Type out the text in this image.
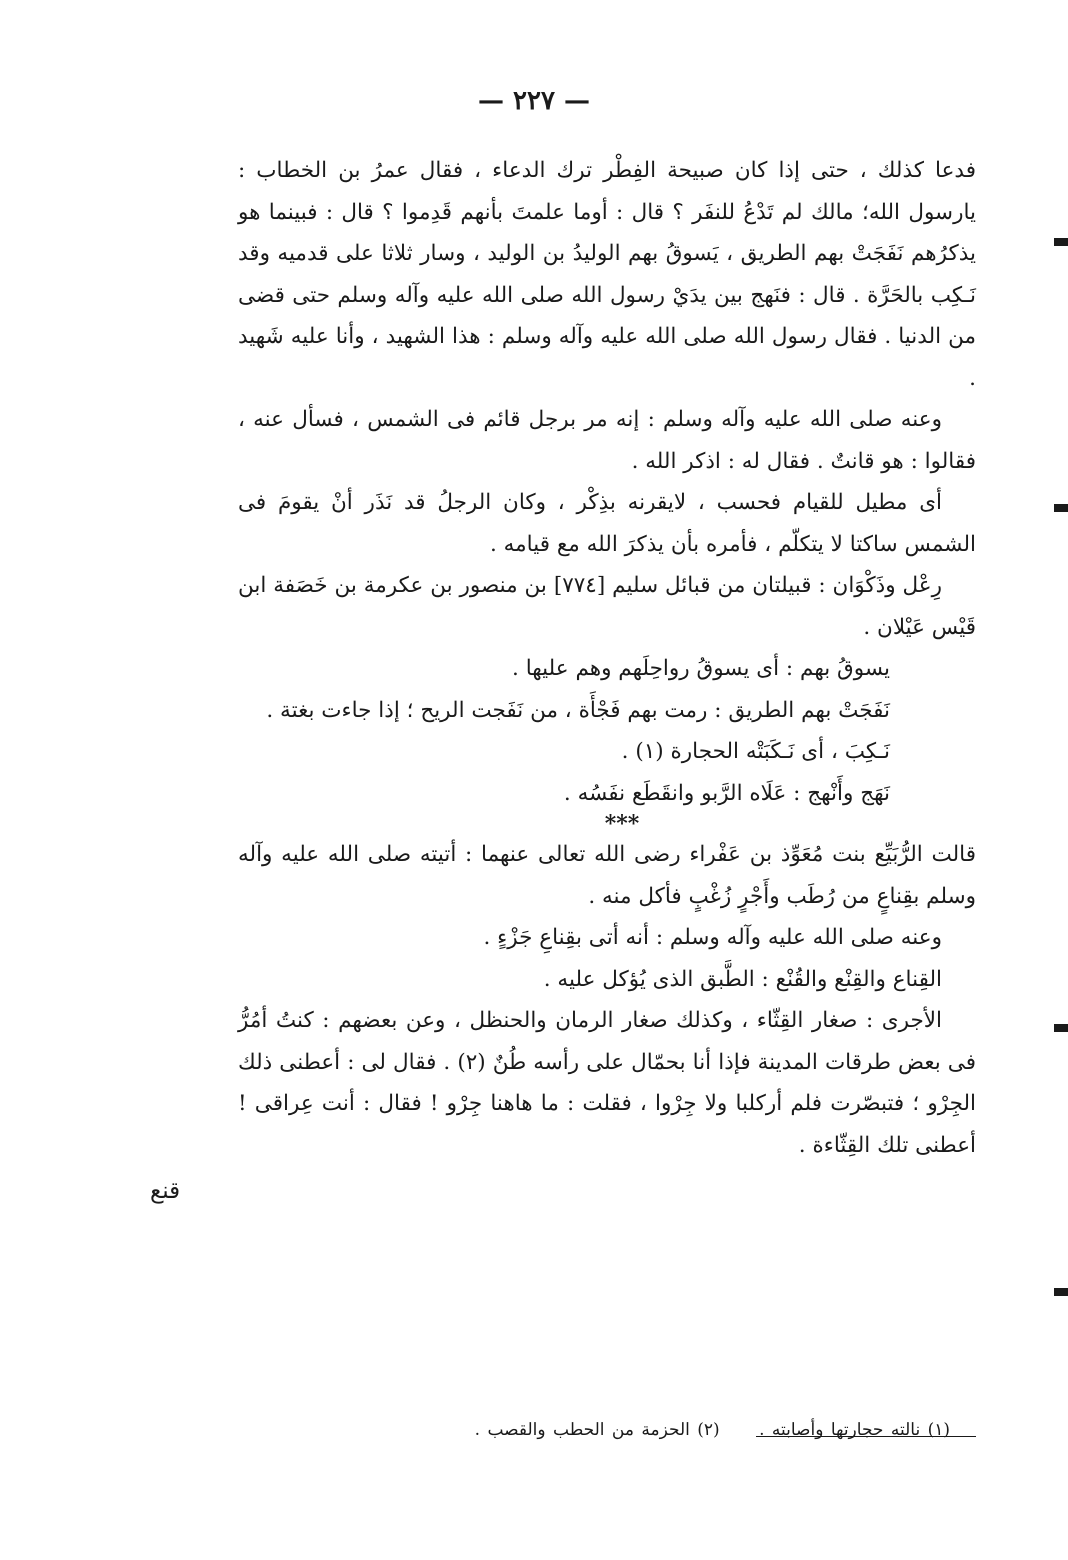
— ٢٢٧ —

فدعا كذلك ، حتى إذا كان صبيحة الفِطْر ترك الدعاء ، فقال عمرُ بن الخطاب : يارسول الله؛ مالك لم تَدْعُ للنفَر ؟ قال : أوما علمتَ بأنهم قَدِموا ؟ قال : فبينما هو يذكرُهم نَفَجَتْ بهم الطريق ، يَسوقُ بهم الوليدُ بن الوليد ، وسار ثلاثا على قدميه وقد نَـكِب بالحَرَّة . قال : فنَهج بين يدَيْ رسول الله صلى الله عليه وآله وسلم حتى قضى من الدنيا . فقال رسول الله صلى الله عليه وآله وسلم : هذا الشهيد ، وأنا عليه شَهيد .

وعنه صلى الله عليه وآله وسلم : إنه مر برجل قائم فى الشمس ، فسأل عنه ، فقالوا : هو قانتٌ . فقال له : اذكر الله .

أى مطيل للقيام فحسب ، لايقرنه بذِكْر ، وكان الرجلُ قد نَذَر أنْ يقومَ فى الشمس ساكتا لا يتكلّم ، فأمره بأن يذكرَ الله مع قيامه .

رِعْل وذَكْوَان : قبيلتان من قبائل سليم [٧٧٤] بن منصور بن عكرمة بن خَصَفة ابن قَيْس عَيْلان .

يسوقُ بهم : أى يسوقُ رواحِلَهم وهم عليها .

نَفَجَتْ بهم الطريق : رمت بهم فَجْأَة ، من نَفَجت الريح ؛ إذا جاءت بغتة .

نَـكِبَ ، أى نَـكَبَتْه الحجارة (١) .

نَهَج وأَنْهج : عَلَاه الرَّبو وانقَطَع نفَسُه .

***

قالت الرُّبَيِّع بنت مُعَوِّذ بن عَفْراء رضى الله تعالى عنهما : أتيته صلى الله عليه وآله وسلم بقِناعٍ من رُطَب وأَجْرٍ زُغْبٍ فأكل منه .

وعنه صلى الله عليه وآله وسلم : أنه أتى بقِناعِ جَزْءٍ .

القِناع والقِنْع والقُنْع : الطَّبق الذى يُؤكل عليه .

الأجرى : صغار القِثّاء ، وكذلك صغار الرمان والحنظل ، وعن بعضهم : كنتُ أمُرُّ فى بعض طرقات المدينة فإذا أنا بحمّال على رأسه طُنٌ (٢) . فقال لى : أعطنى ذلك الجِرْو ؛ فتبصّرت فلم أركلبا ولا جِرْوا ، فقلت : ما هاهنا جِرْو ! فقال : أنت عِراقى ! أعطنى تلك القِثّاءة .

قنع
(١) نالته حجارتها وأصابته . (٢) الحزمة من الحطب والقصب .
